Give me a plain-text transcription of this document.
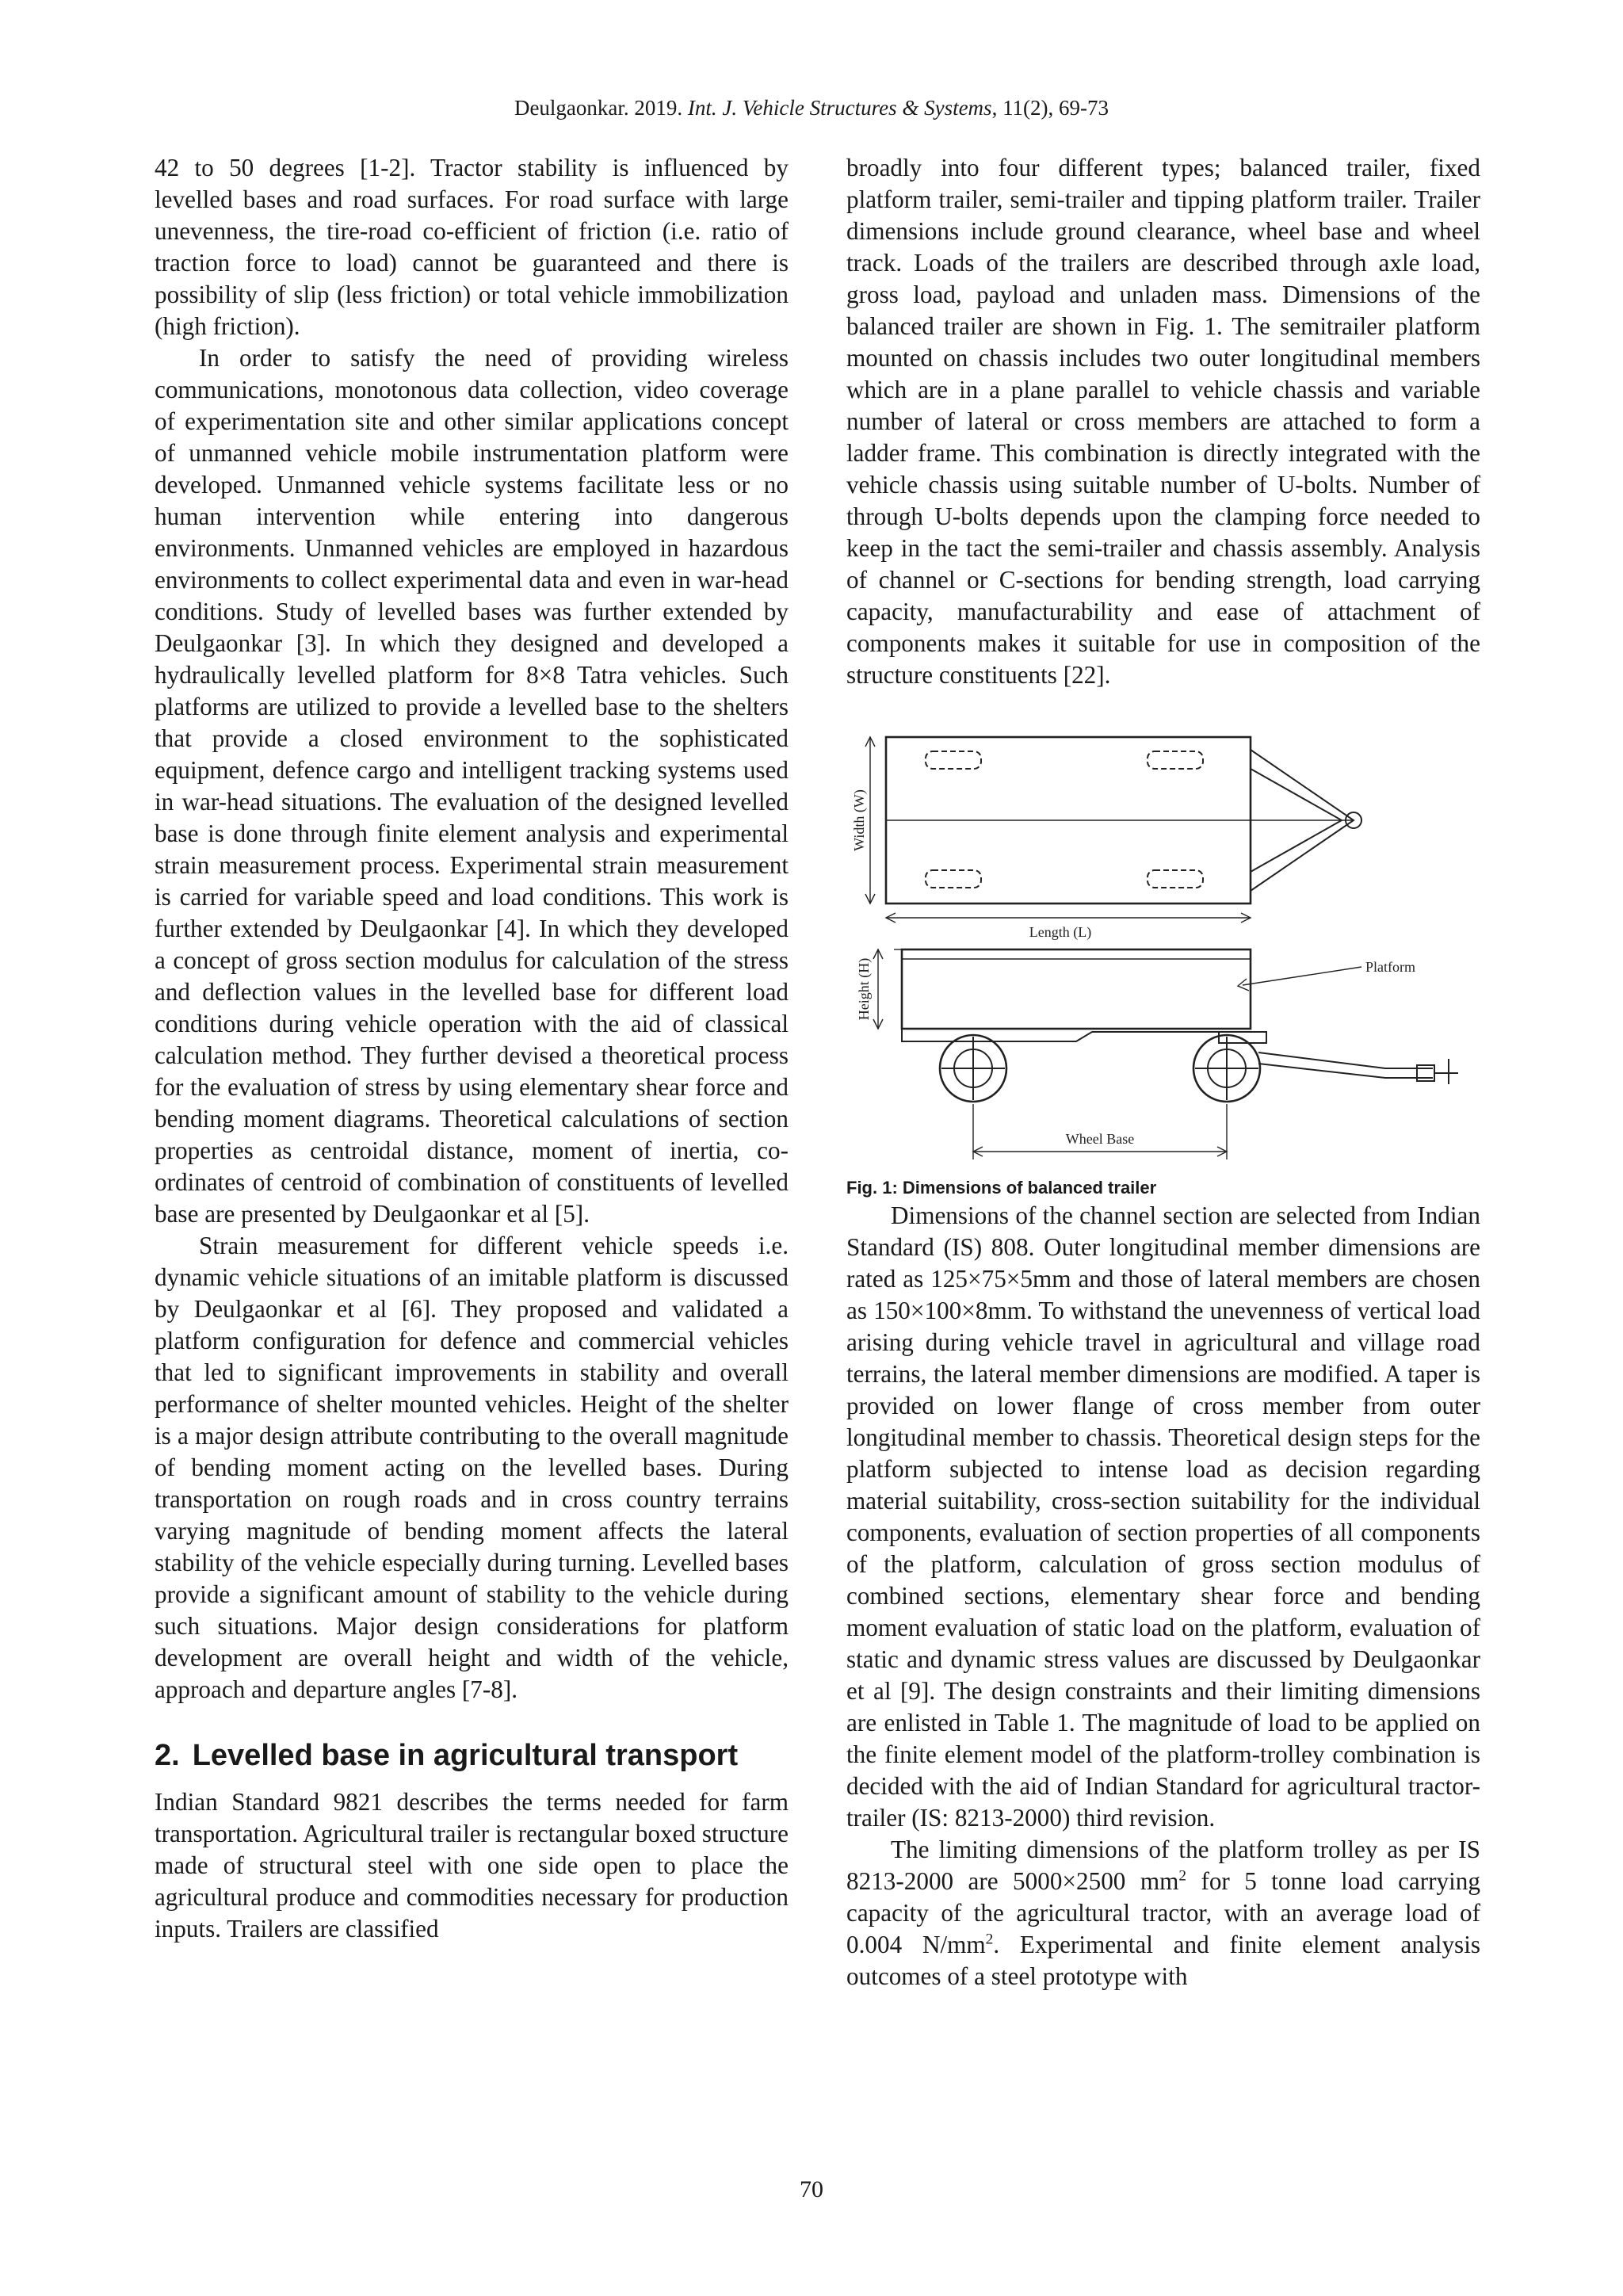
Deulgaonkar. 2019. Int. J. Vehicle Structures & Systems, 11(2), 69-73

42 to 50 degrees [1-2]. Tractor stability is influenced by levelled bases and road surfaces. For road surface with large unevenness, the tire-road co-efficient of friction (i.e. ratio of traction force to load) cannot be guaranteed and there is possibility of slip (less friction) or total vehicle immobilization (high friction).

In order to satisfy the need of providing wireless communications, monotonous data collection, video coverage of experimentation site and other similar applications concept of unmanned vehicle mobile instrumentation platform were developed. Unmanned vehicle systems facilitate less or no human intervention while entering into dangerous environments. Unmanned vehicles are employed in hazardous environments to collect experimental data and even in war-head conditions. Study of levelled bases was further extended by Deulgaonkar [3]. In which they designed and developed a hydraulically levelled platform for 8×8 Tatra vehicles. Such platforms are utilized to provide a levelled base to the shelters that provide a closed environment to the sophisticated equipment, defence cargo and intelligent tracking systems used in war-head situations. The evaluation of the designed levelled base is done through finite element analysis and experimental strain measurement process. Experimental strain measurement is carried for variable speed and load conditions. This work is further extended by Deulgaonkar [4]. In which they developed a concept of gross section modulus for calculation of the stress and deflection values in the levelled base for different load conditions during vehicle operation with the aid of classical calculation method. They further devised a theoretical process for the evaluation of stress by using elementary shear force and bending moment diagrams. Theoretical calculations of section properties as centroidal distance, moment of inertia, co-ordinates of centroid of combination of constituents of levelled base are presented by Deulgaonkar et al [5].

Strain measurement for different vehicle speeds i.e. dynamic vehicle situations of an imitable platform is discussed by Deulgaonkar et al [6]. They proposed and validated a platform configuration for defence and commercial vehicles that led to significant improvements in stability and overall performance of shelter mounted vehicles. Height of the shelter is a major design attribute contributing to the overall magnitude of bending moment acting on the levelled bases. During transportation on rough roads and in cross country terrains varying magnitude of bending moment affects the lateral stability of the vehicle especially during turning. Levelled bases provide a significant amount of stability to the vehicle during such situations. Major design considerations for platform development are overall height and width of the vehicle, approach and departure angles [7-8].

2. Levelled base in agricultural transport

Indian Standard 9821 describes the terms needed for farm transportation. Agricultural trailer is rectangular boxed structure made of structural steel with one side open to place the agricultural produce and commodities necessary for production inputs. Trailers are classified

broadly into four different types; balanced trailer, fixed platform trailer, semi-trailer and tipping platform trailer. Trailer dimensions include ground clearance, wheel base and wheel track. Loads of the trailers are described through axle load, gross load, payload and unladen mass. Dimensions of the balanced trailer are shown in Fig. 1. The semitrailer platform mounted on chassis includes two outer longitudinal members which are in a plane parallel to vehicle chassis and variable number of lateral or cross members are attached to form a ladder frame. This combination is directly integrated with the vehicle chassis using suitable number of U-bolts. Number of through U-bolts depends upon the clamping force needed to keep in the tact the semi-trailer and chassis assembly. Analysis of channel or C-sections for bending strength, load carrying capacity, manufacturability and ease of attachment of components makes it suitable for use in composition of the structure constituents [22].

Width (W)
Length (L)
Height (H)	Platform
Wheel Base

Fig. 1: Dimensions of balanced trailer

Dimensions of the channel section are selected from Indian Standard (IS) 808. Outer longitudinal member dimensions are rated as 125×75×5mm and those of lateral members are chosen as 150×100×8mm. To withstand the unevenness of vertical load arising during vehicle travel in agricultural and village road terrains, the lateral member dimensions are modified. A taper is provided on lower flange of cross member from outer longitudinal member to chassis. Theoretical design steps for the platform subjected to intense load as decision regarding material suitability, cross-section suitability for the individual components, evaluation of section properties of all components of the platform, calculation of gross section modulus of combined sections, elementary shear force and bending moment evaluation of static load on the platform, evaluation of static and dynamic stress values are discussed by Deulgaonkar et al [9]. The design constraints and their limiting dimensions are enlisted in Table 1. The magnitude of load to be applied on the finite element model of the platform-trolley combination is decided with the aid of Indian Standard for agricultural tractor-trailer (IS: 8213-2000) third revision.

The limiting dimensions of the platform trolley as per IS 8213-2000 are 5000×2500 $mm^2$ for 5 tonne load carrying capacity of the agricultural tractor, with an average load of 0.004 $N/mm^2$. Experimental and finite element analysis outcomes of a steel prototype with

70
